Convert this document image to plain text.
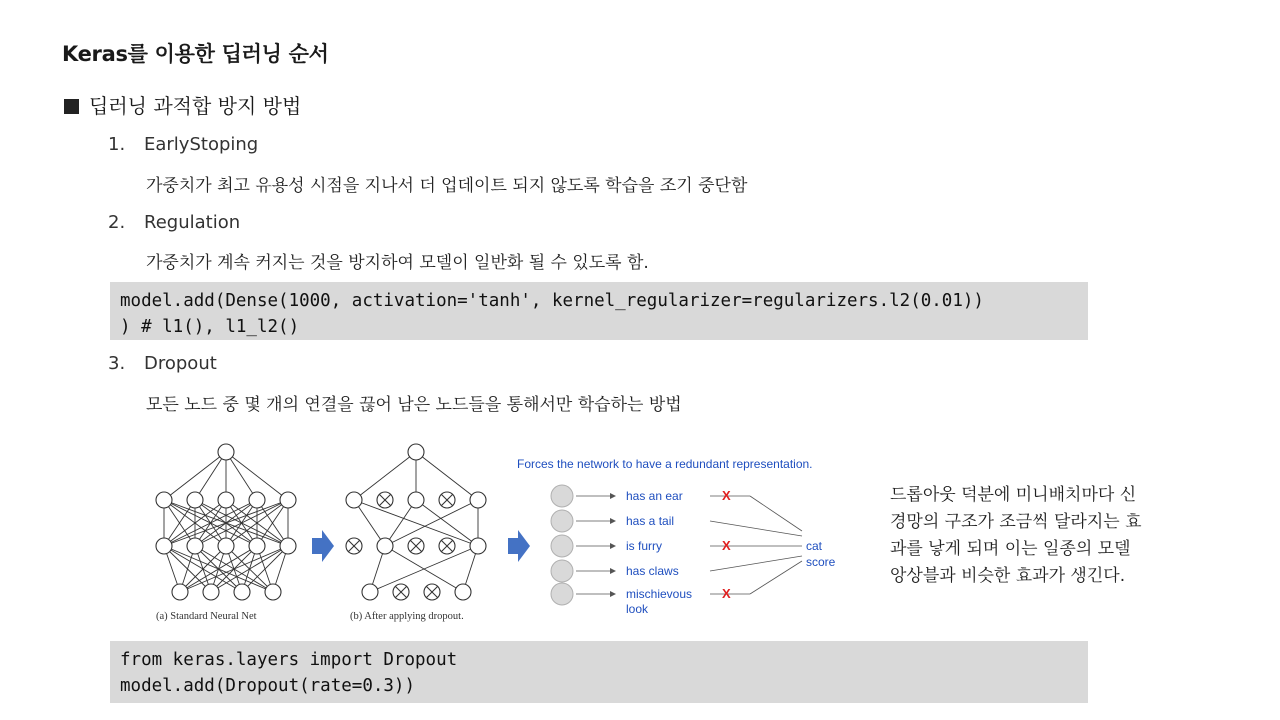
Keras를 이용한 딥러닝 순서
딥러닝 과적합 방지 방법
1. EarlyStoping
가중치가 최고 유용성 시점을 지나서 더 업데이트 되지 않도록 학습을 조기 중단함
2. Regulation
가중치가 계속 커지는 것을 방지하여 모델이 일반화 될 수 있도록 함.
model.add(Dense(1000, activation='tanh', kernel_regularizer=regularizers.l2(0.01))
) # l1(), l1_l2()
3. Dropout
모든 노드 중 몇 개의 연결을 끊어 남은 노드들을 통해서만 학습하는 방법
(a) Standard Neural Net	(b) After applying dropout.
Forces the network to have a redundant representation.
has an ear
has a tail
is furry
has claws
mischievous
look
X
X
X
cat
score
드롭아웃 덕분에 미니배치마다 신
경망의 구조가 조금씩 달라지는 효
과를 낳게 되며 이는 일종의 모델
앙상블과 비슷한 효과가 생긴다.
from keras.layers import Dropout
model.add(Dropout(rate=0.3))
